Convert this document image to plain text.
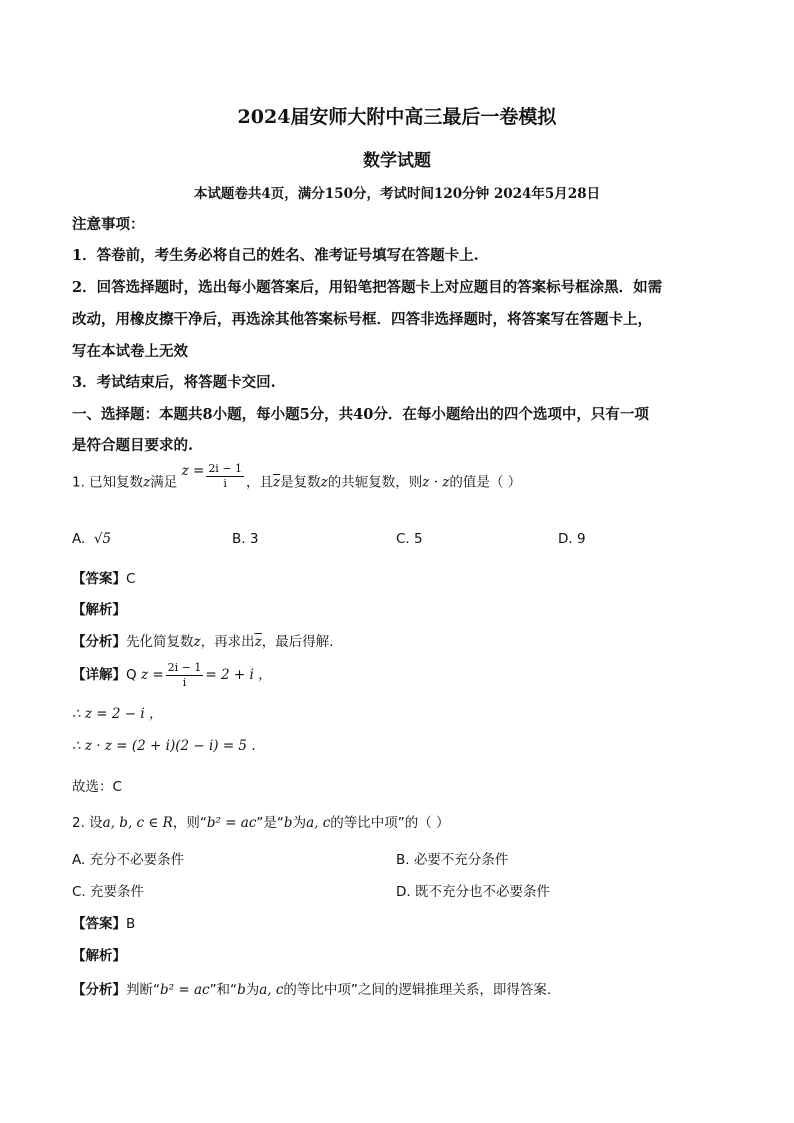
2024届安师大附中高三最后一卷模拟
数学试题
本试题卷共4页，满分150分，考试时间120分钟 2024年5月28日
注意事项：
1．答卷前，考生务必将自己的姓名、准考证号填写在答题卡上.
2．回答选择题时，选出每小题答案后，用铅笔把答题卡上对应题目的答案标号框涂黑．如需
改动，用橡皮擦干净后，再选涂其他答案标号框．四答非选择题时，将答案写在答题卡上，
写在本试卷上无效
3．考试结束后，将答题卡交回.
一、选择题：本题共8小题，每小题5分，共40分．在每小题给出的四个选项中，只有一项
是符合题目要求的.
1. 已知复数z满足 $z = \frac{2i - 1}{i}$ ，且$\overline{z}$是复数z的共轭复数，则z · z的值是（ ）
A. √5	B. 3	C. 5	D. 9
【答案】C
【解析】
【分析】先化简复数z，再求出$\overline{z}$，最后得解.
【详解】Q $z = \frac{2i - 1}{i} = 2 + i$ ，
∴ z = 2 − i ，
∴ z · z = (2 + i)(2 − i) = 5 .
故选：C
2. 设a, b, c ∈ R，则“b² = ac”是“b为a, c的等比中项”的（ ）
A. 充分不必要条件	B. 必要不充分条件
C. 充要条件	D. 既不充分也不必要条件
【答案】B
【解析】
【分析】判断“b² = ac”和“b为a, c的等比中项”之间的逻辑推理关系，即得答案.
